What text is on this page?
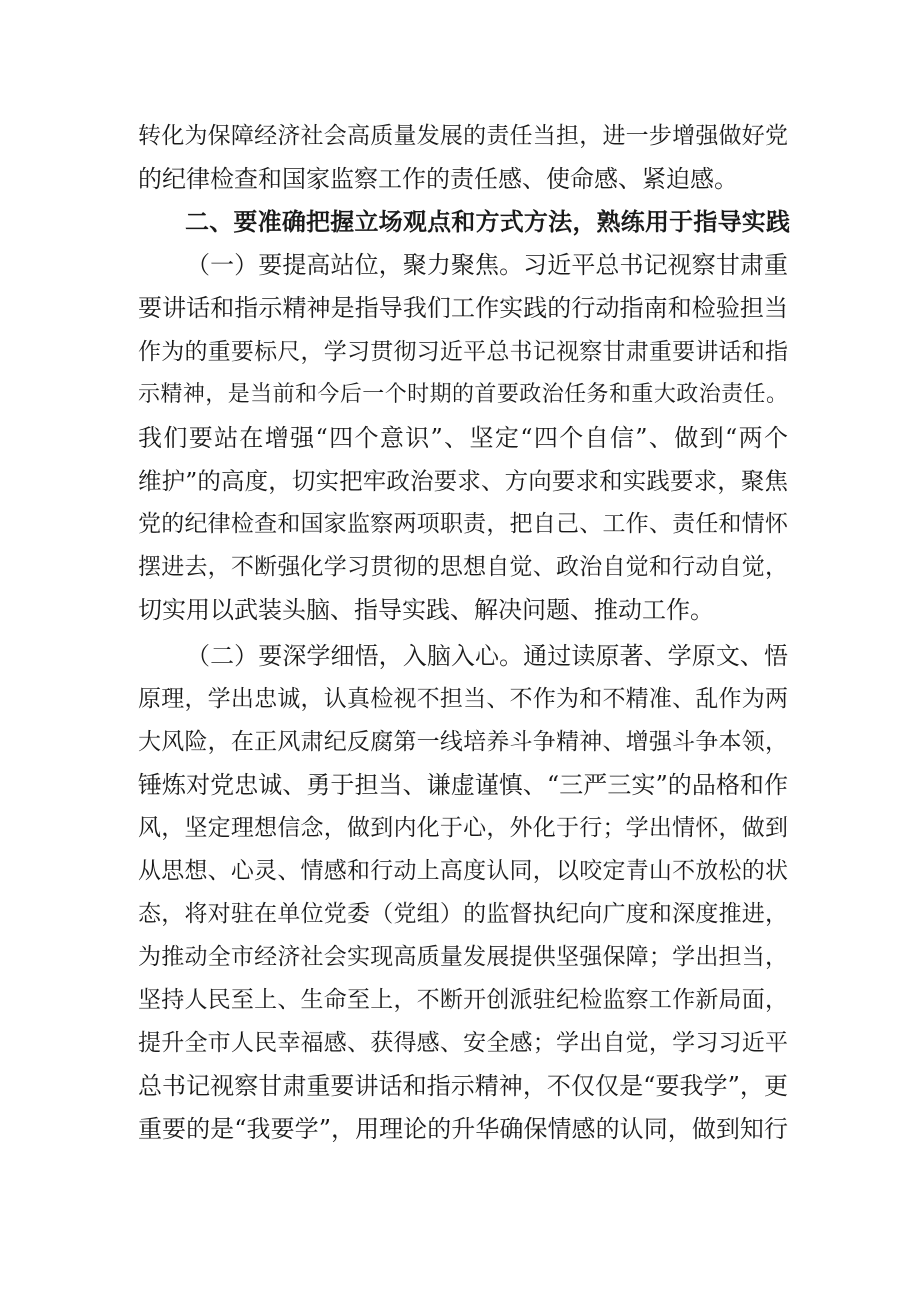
转化为保障经济社会高质量发展的责任当担，进一步增强做好党
的纪律检查和国家监察工作的责任感、使命感、紧迫感。
二、要准确把握立场观点和方式方法，熟练用于指导实践
（一）要提高站位，聚力聚焦。习近平总书记视察甘肃重
要讲话和指示精神是指导我们工作实践的行动指南和检验担当
作为的重要标尺，学习贯彻习近平总书记视察甘肃重要讲话和指
示精神，是当前和今后一个时期的首要政治任务和重大政治责任。
我们要站在增强“四个意识”、坚定“四个自信”、做到“两个
维护”的高度，切实把牢政治要求、方向要求和实践要求，聚焦
党的纪律检查和国家监察两项职责，把自己、工作、责任和情怀
摆进去，不断强化学习贯彻的思想自觉、政治自觉和行动自觉，
切实用以武装头脑、指导实践、解决问题、推动工作。
（二）要深学细悟，入脑入心。通过读原著、学原文、悟
原理，学出忠诚，认真检视不担当、不作为和不精准、乱作为两
大风险，在正风肃纪反腐第一线培养斗争精神、增强斗争本领，
锤炼对党忠诚、勇于担当、谦虚谨慎、“三严三实”的品格和作
风，坚定理想信念，做到内化于心，外化于行；学出情怀，做到
从思想、心灵、情感和行动上高度认同，以咬定青山不放松的状
态，将对驻在单位党委（党组）的监督执纪向广度和深度推进，
为推动全市经济社会实现高质量发展提供坚强保障；学出担当，
坚持人民至上、生命至上，不断开创派驻纪检监察工作新局面，
提升全市人民幸福感、获得感、安全感；学出自觉，学习习近平
总书记视察甘肃重要讲话和指示精神，不仅仅是“要我学”，更
重要的是“我要学”，用理论的升华确保情感的认同，做到知行
